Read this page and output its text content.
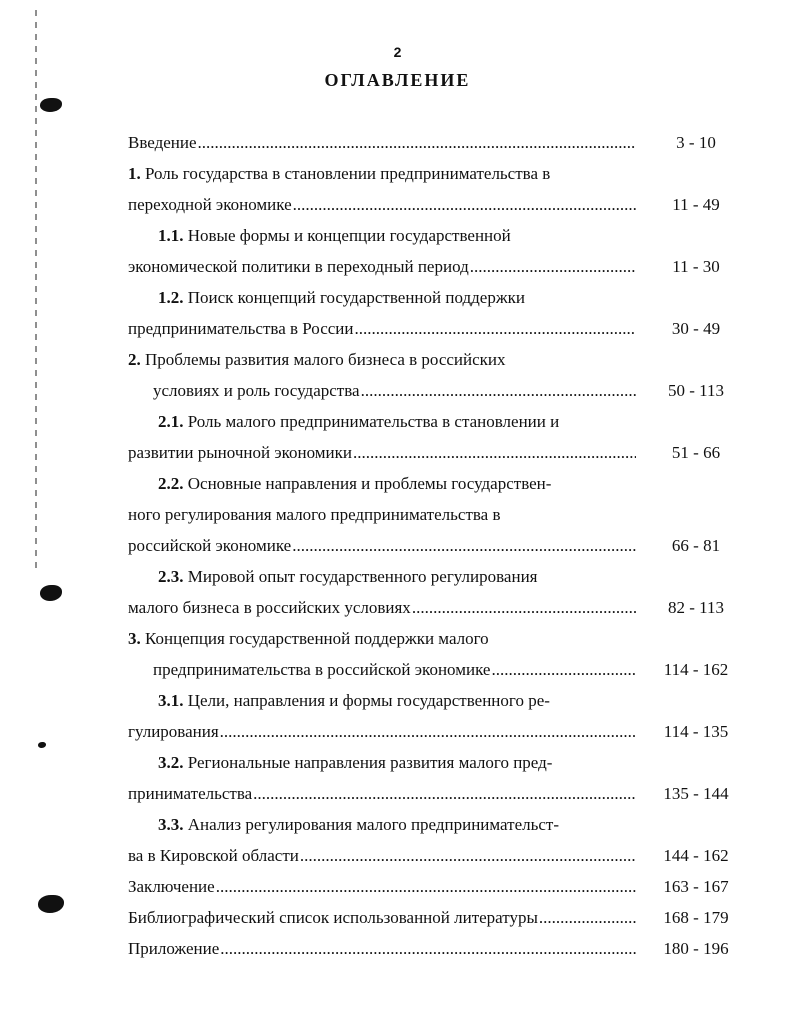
2
ОГЛАВЛЕНИЕ
Введение .....	3 - 10
1. Роль государства в становлении предпринимательства в
переходной экономике .....	11 - 49
1.1. Новые формы и концепции государственной
экономической политики в переходный период .....	11 - 30
1.2. Поиск концепций государственной поддержки
предпринимательства в России .....	30 - 49
2. Проблемы развития малого бизнеса в российских
условиях и роль государства .....	50 - 113
2.1. Роль малого предпринимательства в становлении и
развитии рыночной экономики .....	51 - 66
2.2. Основные направления и проблемы государствен-
ного регулирования малого предпринимательства в
российской экономике .....	66 - 81
2.3. Мировой опыт государственного регулирования
малого бизнеса в российских условиях .....	82 - 113
3. Концепция государственной поддержки малого
предпринимательства в российской экономике .....	114 - 162
3.1. Цели, направления и формы государственного ре-
гулирования .....	114 - 135
3.2. Региональные направления развития малого пред-
принимательства .....	135 - 144
3.3. Анализ регулирования малого предпринимательст-
ва в Кировской области .....	144 - 162
Заключение .....	163 - 167
Библиографический список использованной литературы .....	168 - 179
Приложение .....	180 - 196
